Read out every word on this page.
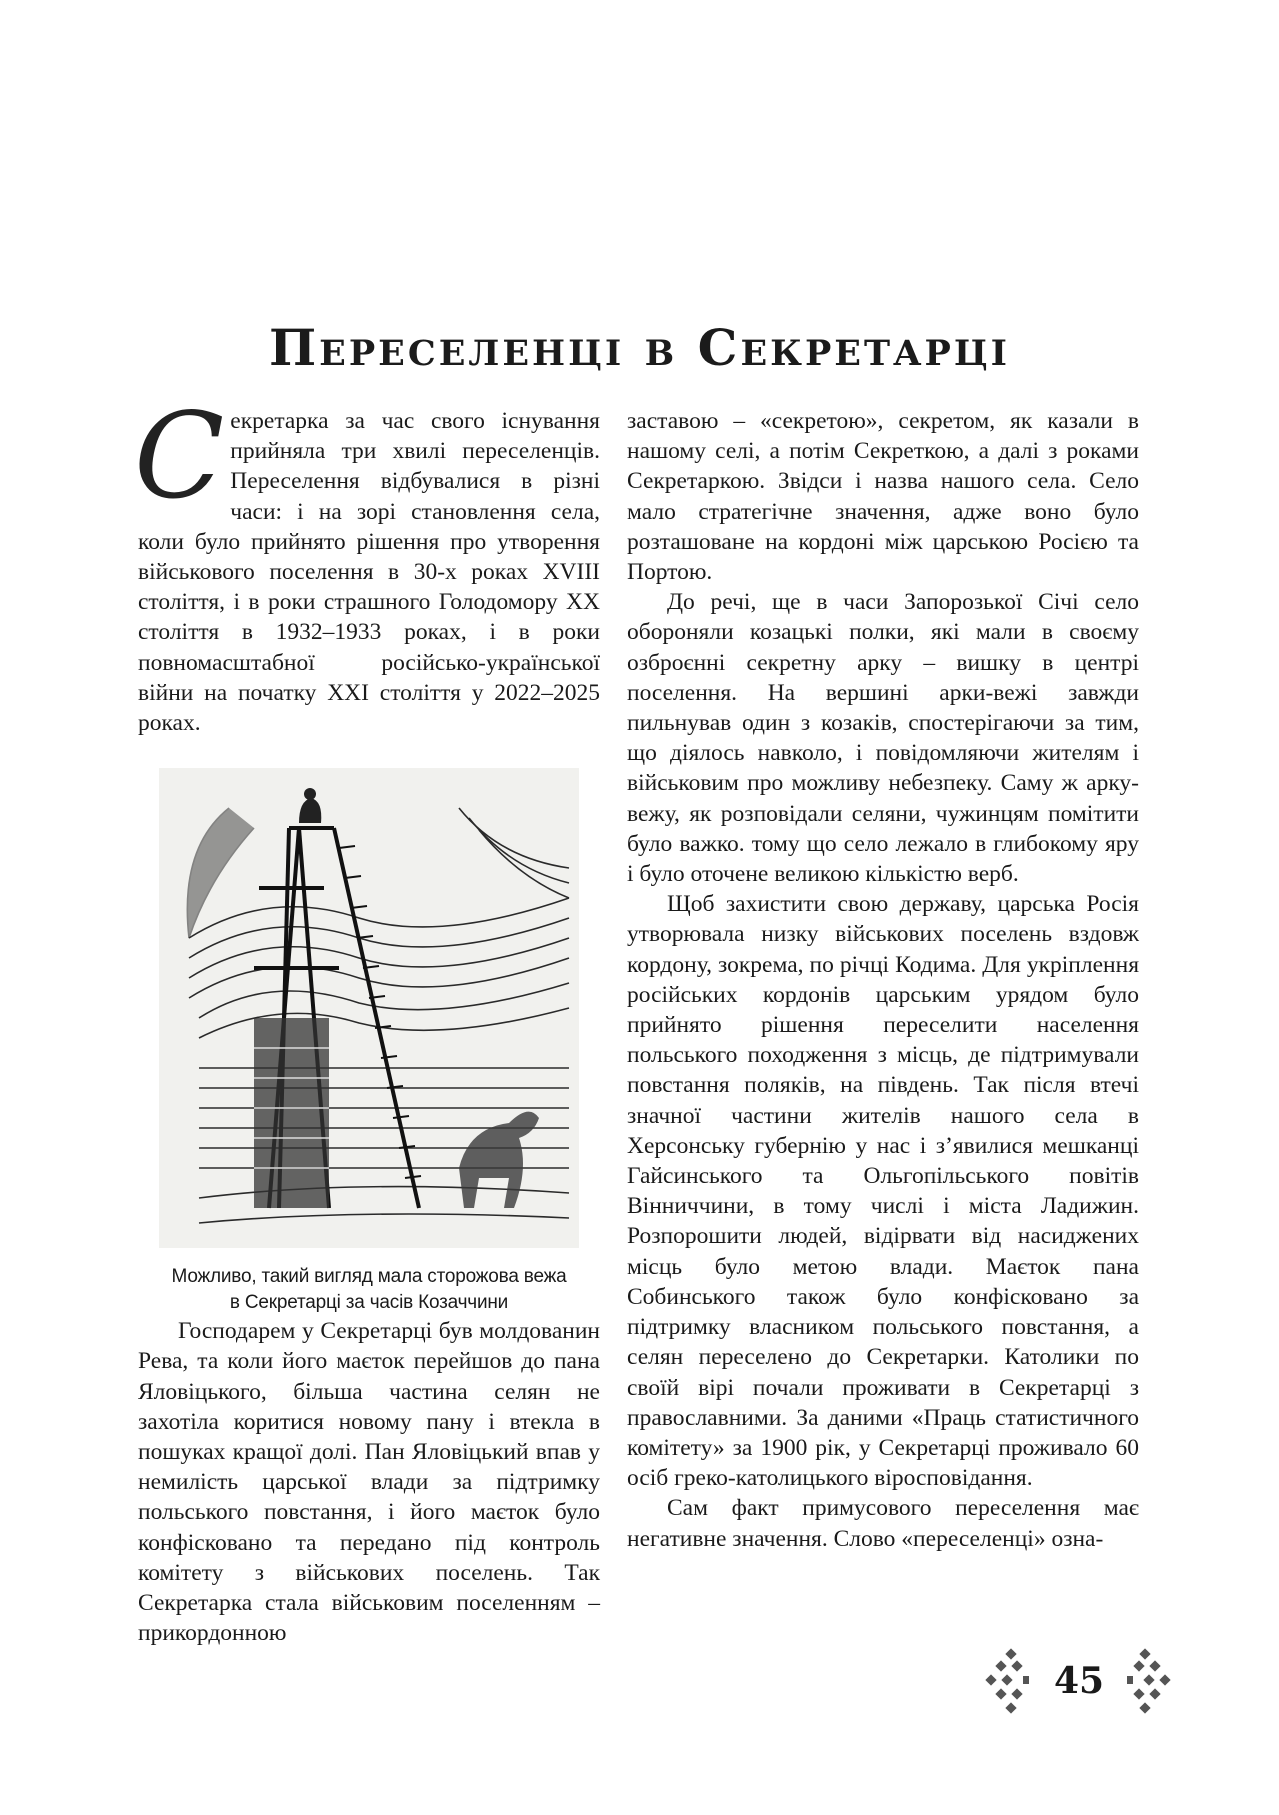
Переселенці в Секретарці

Секретарка за час свого існування прийняла три хвилі переселенців. Переселення відбувалися в різні часи: і на зорі становлення села, коли було прийнято рішення про утворення військового поселення в 30-х роках XVIII століття, і в роки страшного Голодомору XX століття в 1932–1933 роках, і в роки повномасштабної російсько-української війни на початку XXI століття у 2022–2025 роках.

Можливо, такий вигляд мала сторожова вежа
в Секретарці за часів Козаччини

Господарем у Секретарці був молдованин Рева, та коли його маєток перейшов до пана Яловіцького, більша частина селян не захотіла коритися новому пану і втекла в пошуках кращої долі. Пан Яловіцький впав у немилість царської влади за підтримку польського повстання, і його маєток було конфісковано та передано під контроль комітету з військових поселень. Так Секретарка стала військовим поселенням – прикордонною

заставою – «секретою», секретом, як казали в нашому селі, а потім Секреткою, а далі з роками Секретаркою. Звідси і назва нашого села. Село мало стратегічне значення, адже воно було розташоване на кордоні між царською Росією та Портою.

До речі, ще в часи Запорозької Січі село обороняли козацькі полки, які мали в своєму озброєнні секретну арку – вишку в центрі поселення. На вершині арки-вежі завжди пильнував один з козаків, спостерігаючи за тим, що діялось навколо, і повідомляючи жителям і військовим про можливу небезпеку. Саму ж арку-вежу, як розповідали селяни, чужинцям помітити було важко. тому що село лежало в глибокому яру і було оточене великою кількістю верб.

Щоб захистити свою державу, царська Росія утворювала низку військових поселень вздовж кордону, зокрема, по річці Кодима. Для укріплення російських кордонів царським урядом було прийнято рішення переселити населення польського походження з місць, де підтримували повстання поляків, на південь. Так після втечі значної частини жителів нашого села в Херсонську губернію у нас і з’явилися мешканці Гайсинського та Ольгопільського повітів Вінниччини, в тому числі і міста Ладижин. Розпорошити людей, відірвати від насиджених місць було метою влади. Маєток пана Собинського також було конфісковано за підтримку власником польського повстання, а селян переселено до Секретарки. Католики по своїй вірі почали проживати в Секретарці з православними. За даними «Праць статистичного комітету» за 1900 рік, у Секретарці проживало 60 осіб греко-католицького віросповідання.

Сам факт примусового переселення має негативне значення. Слово «переселенці» озна-

45
